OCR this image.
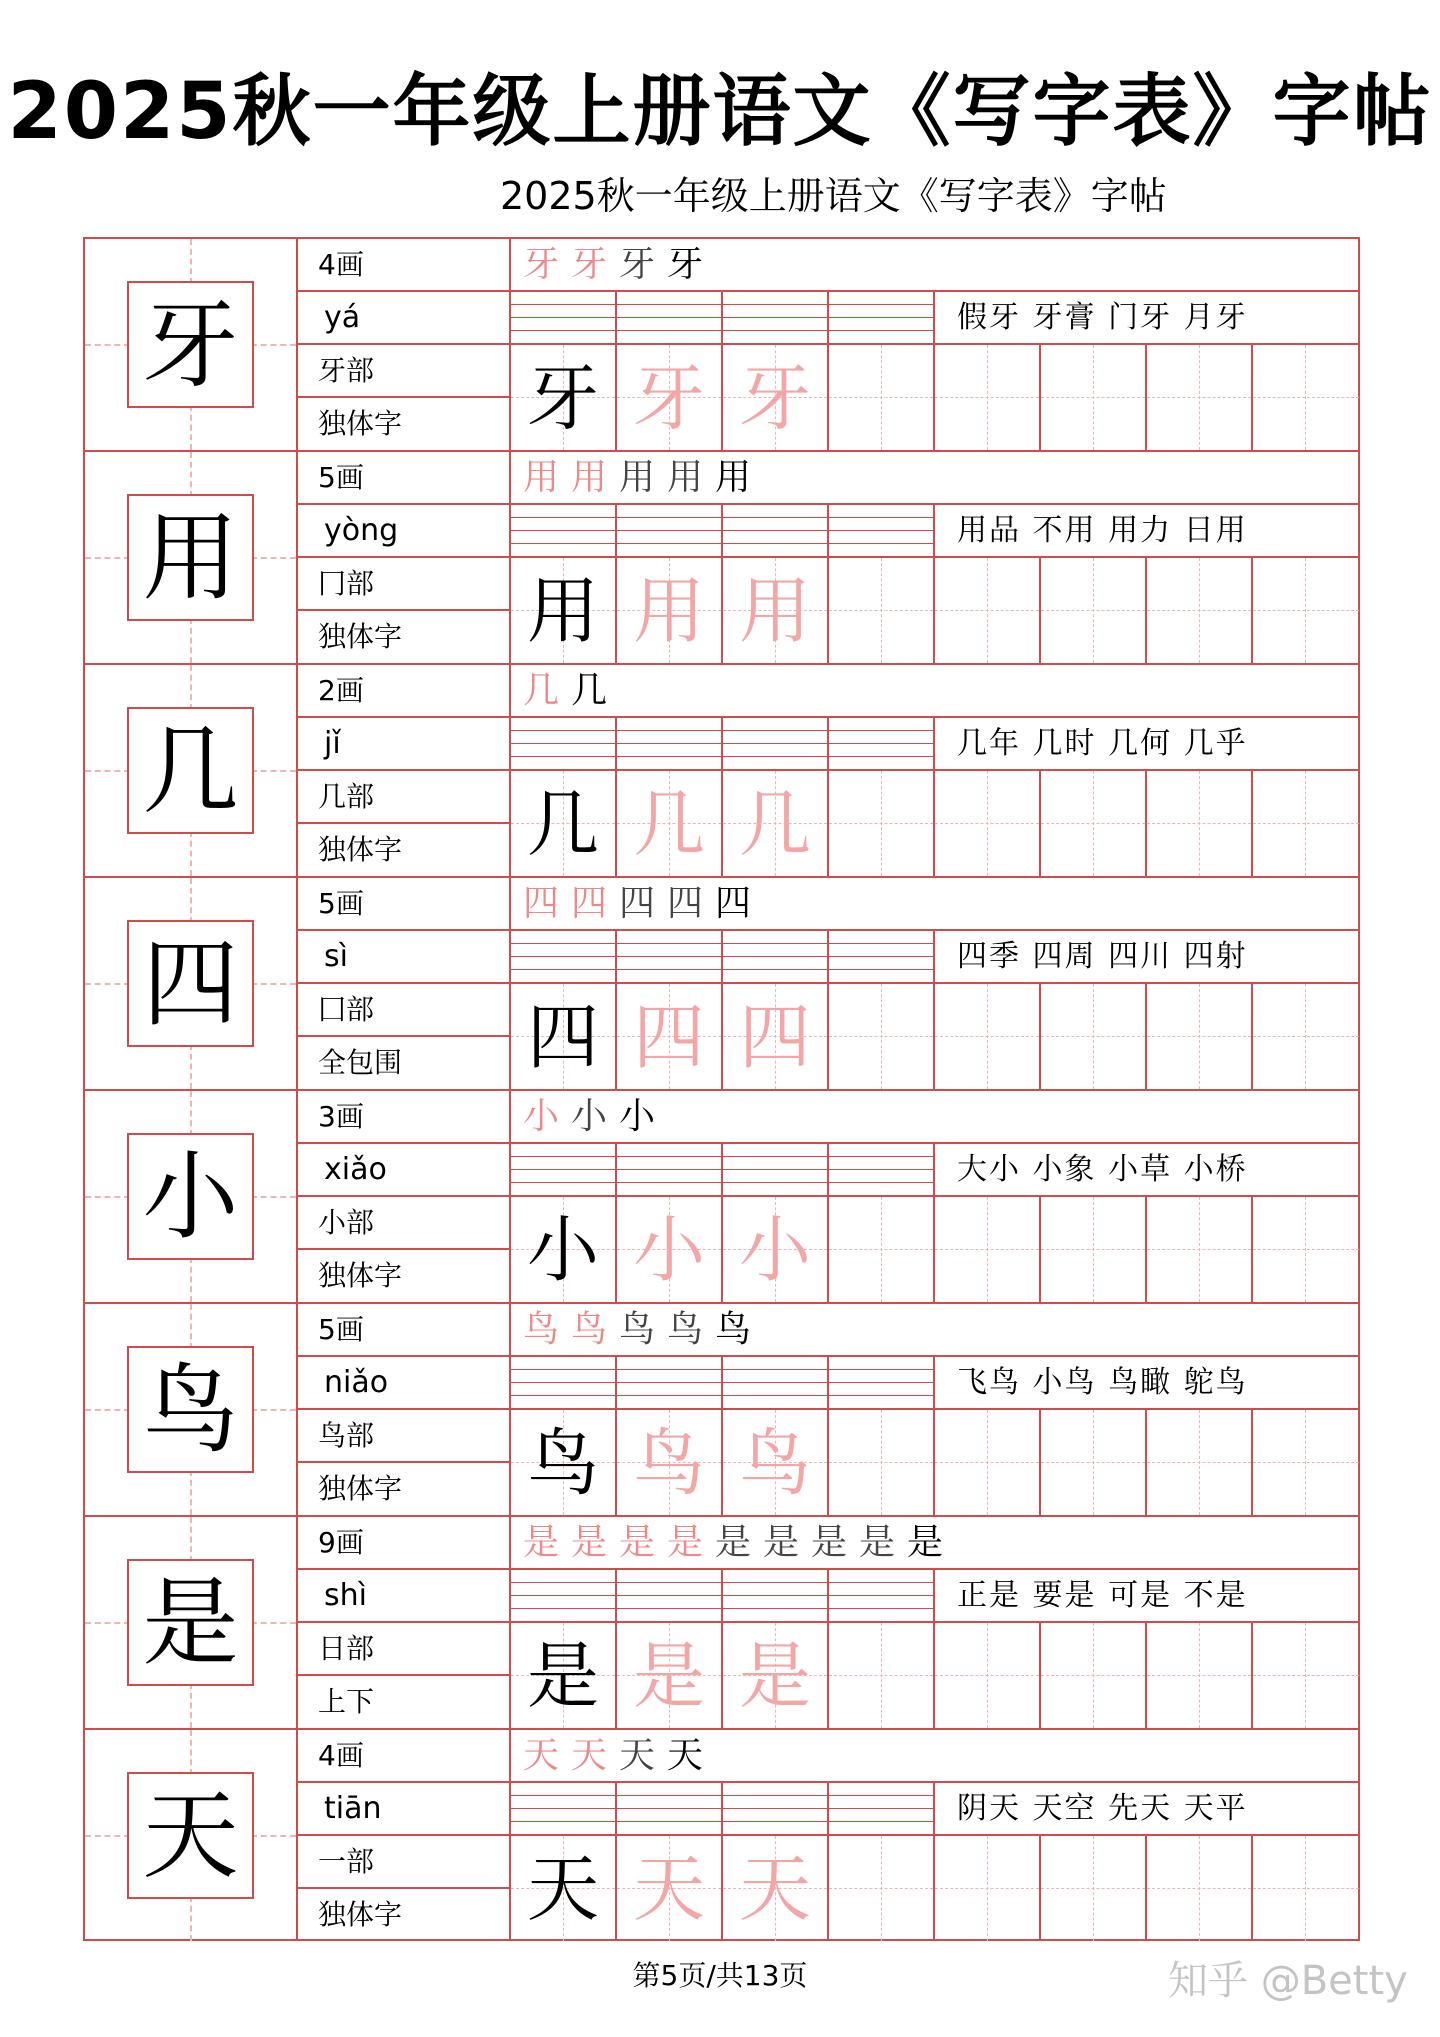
2025秋一年级上册语文《写字表》字帖
2025秋一年级上册语文《写字表》字帖
牙
4画
yá
牙部
独体字
牙 牙 牙 牙
假牙 牙膏 门牙 月牙
牙 牙 牙
用
5画
yòng
冂部
独体字
用 用 用 用 用
用品 不用 用力 日用
用 用 用
几
2画
jǐ
几部
独体字
几 几
几年 几时 几何 几乎
几 几 几
四
5画
sì
囗部
全包围
四 四 四 四 四
四季 四周 四川 四射
四 四 四
小
3画
xiǎo
小部
独体字
小 小 小
大小 小象 小草 小桥
小 小 小
鸟
5画
niǎo
鸟部
独体字
鸟 鸟 鸟 鸟 鸟
飞鸟 小鸟 鸟瞰 鸵鸟
鸟 鸟 鸟
是
9画
shì
日部
上下
是 是 是 是 是 是 是 是 是
正是 要是 可是 不是
是 是 是
天
4画
tiān
一部
独体字
天 天 天 天
阴天 天空 先天 天平
天 天 天
第5页/共13页	知乎 @Betty
